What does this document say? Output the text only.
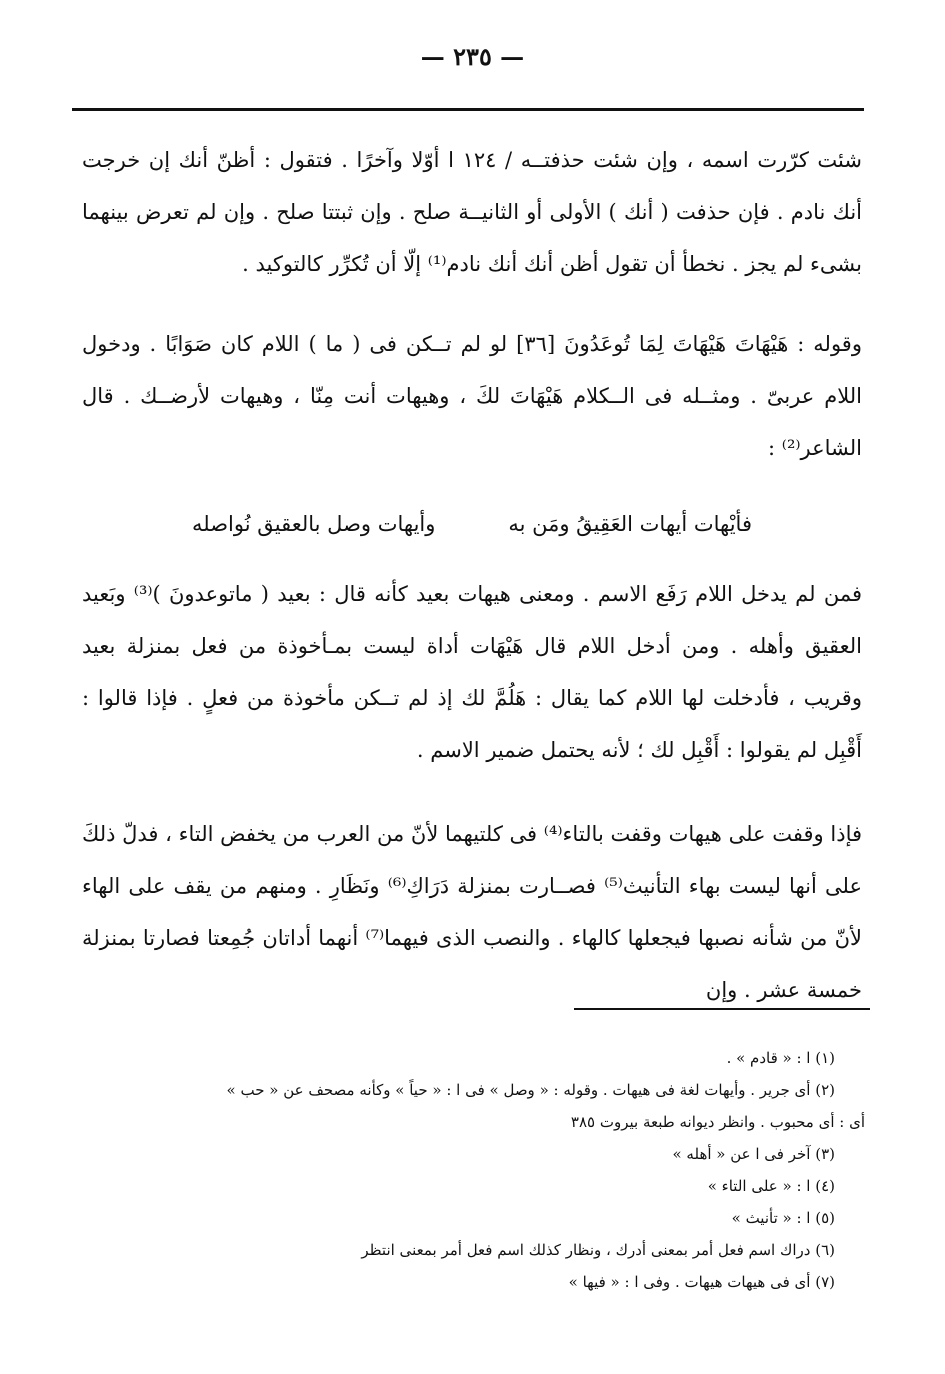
— ٢٣٥ —

شئت كرّرت اسمه ، وإن شئت حذفتــه / ١٢٤ ا أوّلا وآخرًا . فتقول : أظنّ أنك إن خرجت أنك نادم . فإن حذفت ( أنك ) الأولى أو الثانيــة صلح . وإن ثبتتا صلح . وإن لم تعرض بينهما بشىء لم يجز . نخطأ أن تقول أظن أنك أنك نادم⁽¹⁾ إلّا أن تُكرِّر كالتوكيد .

وقوله : هَيْهَاتَ هَيْهَاتَ لِمَا تُوعَدُونَ [٣٦] لو لم تــكن فى ( ما ) اللام كان صَوَابًا . ودخول اللام عربىّ . ومثــله فى الــكلام هَيْهَاتَ لكَ ، وهيهات أنت مِنّا ، وهيهات لأرضــك . قال الشاعر⁽²⁾ :

فأيْهات أيهات العَقِيقُ ومَن به
وأيهات وصل بالعقيق نُواصله

فمن لم يدخل اللام رَفَع الاسم . ومعنى هيهات بعيد كأنه قال : بعيد ( ماتوعدونَ )⁽³⁾ وبَعيد العقيق وأهله . ومن أدخل اللام قال هَيْهَات أداة ليست بمـأخوذة من فعل بمنزلة بعيد وقريب ، فأدخلت لها اللام كما يقال : هَلُمَّ لك إذ لم تــكن مأخوذة من فعلٍ . فإذا قالوا : أَقْبِل لم يقولوا : أَقْبِل لك ؛ لأنه يحتمل ضمير الاسم .

فإذا وقفت على هيهات وقفت بالتاء⁽⁴⁾ فى كلتيهما لأنّ من العرب من يخفض التاء ، فدلّ ذلكَ على أنها ليست بهاء التأنيث⁽⁵⁾ فصــارت بمنزلة دَرَاكِ⁽⁶⁾ ونَظَارِ . ومنهم من يقف على الهاء لأنّ من شأنه نصبها فيجعلها كالهاء . والنصب الذى فيهما⁽⁷⁾ أنهما أداتان جُمِعتا فصارتا بمنزلة خمسة عشر . وإن

(١) ا : « قادم » .
(٢) أى جرير . وأيهات لغة فى هيهات . وقوله : « وصل » فى ا : « حياً » وكأنه مصحف عن « حب »
أى : أى محبوب . وانظر ديوانه طبعة بيروت ٣٨٥
(٣) آخر فى ا عن « أهله »
(٤) ا : « على التاء »
(٥) ا : « تأنيث »
(٦) دراك اسم فعل أمر بمعنى أدرك ، ونظار كذلك اسم فعل أمر بمعنى انتظر
(٧) أى فى هيهات هيهات . وفى ا : « فيها »
